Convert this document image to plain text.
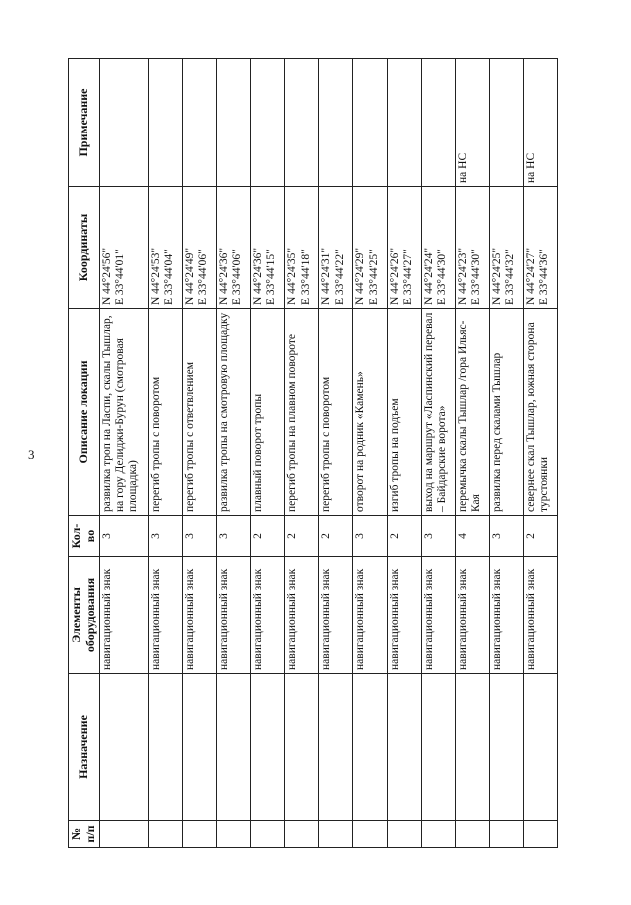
3
№ п/п	Назначение	Элементы оборудования	Кол-во	Описание локации	Координаты	Примечание
		навигационный знак	3	развилка троп на Ласпи, скалы Тышлар, на гору Делиджи-Бурун (смотровая площадка)	N 44°24'56" E 33°44'01"	

		навигационный знак	3	перегиб тропы с поворотом	N 44°24'53" E 33°44'04"	

		навигационный знак	3	перегиб тропы с ответвлением	N 44°24'49" E 33°44'06"	

		навигационный знак	3	развилка тропы на смотровую площадку	N 44°24'36" E 33°44'06"	

		навигационный знак	2	плавный поворот тропы	N 44°24'36" E 33°44'15"	

		навигационный знак	2	перегиб тропы на плавном повороте	N 44°24'35" E 33°44'18"	

		навигационный знак	2	перегиб тропы с поворотом	N 44°24'31" E 33°44'22"	

		навигационный знак	3	отворот на родник «Камень»	N 44°24'29" E 33°44'25"	

		навигационный знак	2	изгиб тропы на подъем	N 44°24'26" E 33°44'27"	

		навигационный знак	3	выход на маршрут «Ласпинский перевал – Байдарские ворота»	N 44°24'24" E 33°44'30"	

		навигационный знак	4	перемычка скалы Тышлар /гора Ильяс-Кая	N 44°24'23" E 33°44'30"	на НС
		навигационный знак	3	развилка перед скалами Тышлар	N 44°24'25" E 33°44'32"	

		навигационный знак	2	севернее скал Тышлар, южная сторона турстоянки	N 44°24'27" E 33°44'36"	на НС
